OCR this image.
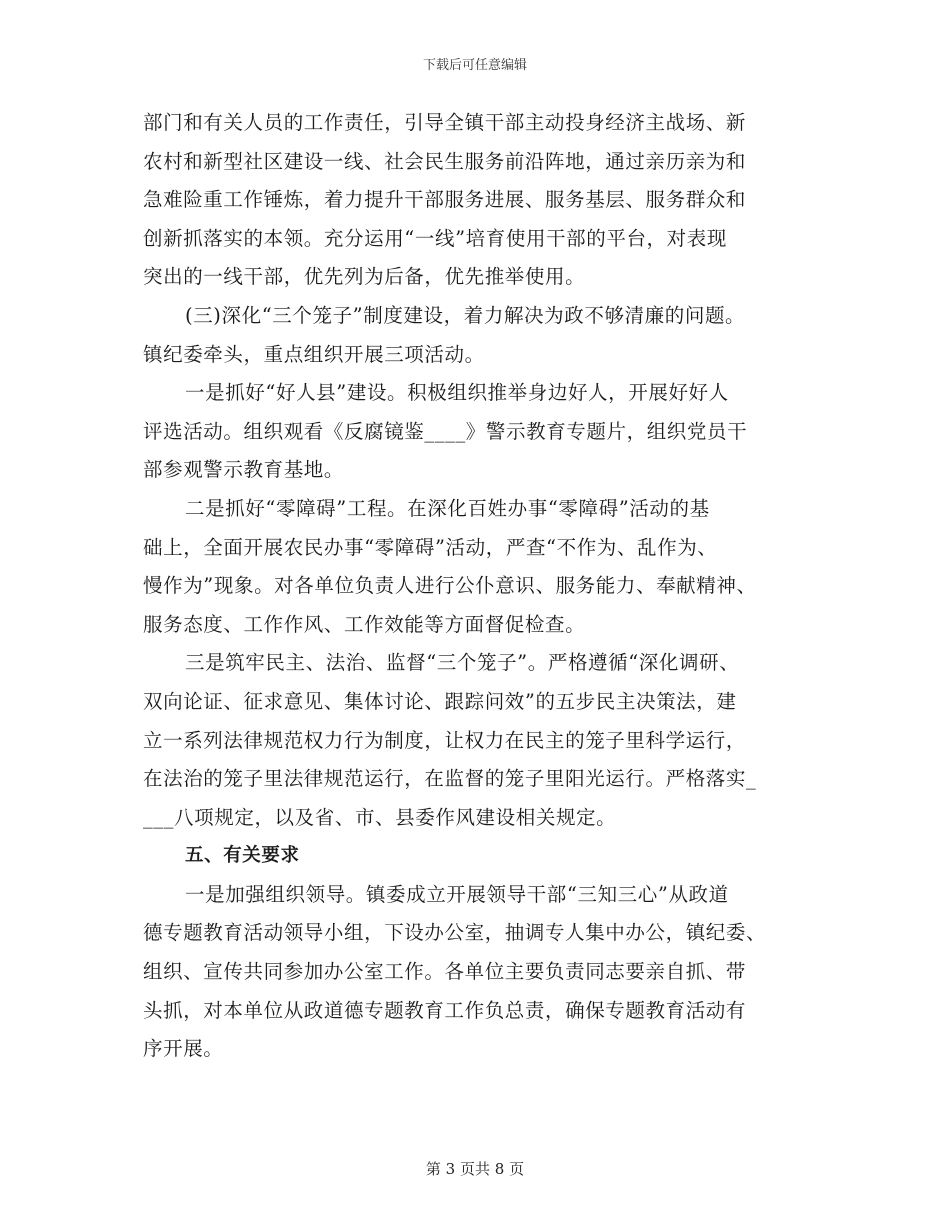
下载后可任意编辑
部门和有关人员的工作责任，引导全镇干部主动投身经济主战场、新
农村和新型社区建设一线、社会民生服务前沿阵地，通过亲历亲为和
急难险重工作锤炼，着力提升干部服务进展、服务基层、服务群众和
创新抓落实的本领。充分运用“一线”培育使用干部的平台，对表现
突出的一线干部，优先列为后备，优先推举使用。
(三)深化“三个笼子”制度建设，着力解决为政不够清廉的问题。
镇纪委牵头，重点组织开展三项活动。
一是抓好“好人县”建设。积极组织推举身边好人，开展好好人
评选活动。组织观看《反腐镜鉴____》警示教育专题片，组织党员干
部参观警示教育基地。
二是抓好“零障碍”工程。在深化百姓办事“零障碍”活动的基
础上，全面开展农民办事“零障碍”活动，严查“不作为、乱作为、
慢作为”现象。对各单位负责人进行公仆意识、服务能力、奉献精神、
服务态度、工作作风、工作效能等方面督促检查。
三是筑牢民主、法治、监督“三个笼子”。严格遵循“深化调研、
双向论证、征求意见、集体讨论、跟踪问效”的五步民主决策法，建
立一系列法律规范权力行为制度，让权力在民主的笼子里科学运行，
在法治的笼子里法律规范运行，在监督的笼子里阳光运行。严格落实_
___八项规定，以及省、市、县委作风建设相关规定。
五、有关要求
一是加强组织领导。镇委成立开展领导干部“三知三心”从政道
德专题教育活动领导小组，下设办公室，抽调专人集中办公，镇纪委、
组织、宣传共同参加办公室工作。各单位主要负责同志要亲自抓、带
头抓，对本单位从政道德专题教育工作负总责，确保专题教育活动有
序开展。
第 3 页共 8 页
